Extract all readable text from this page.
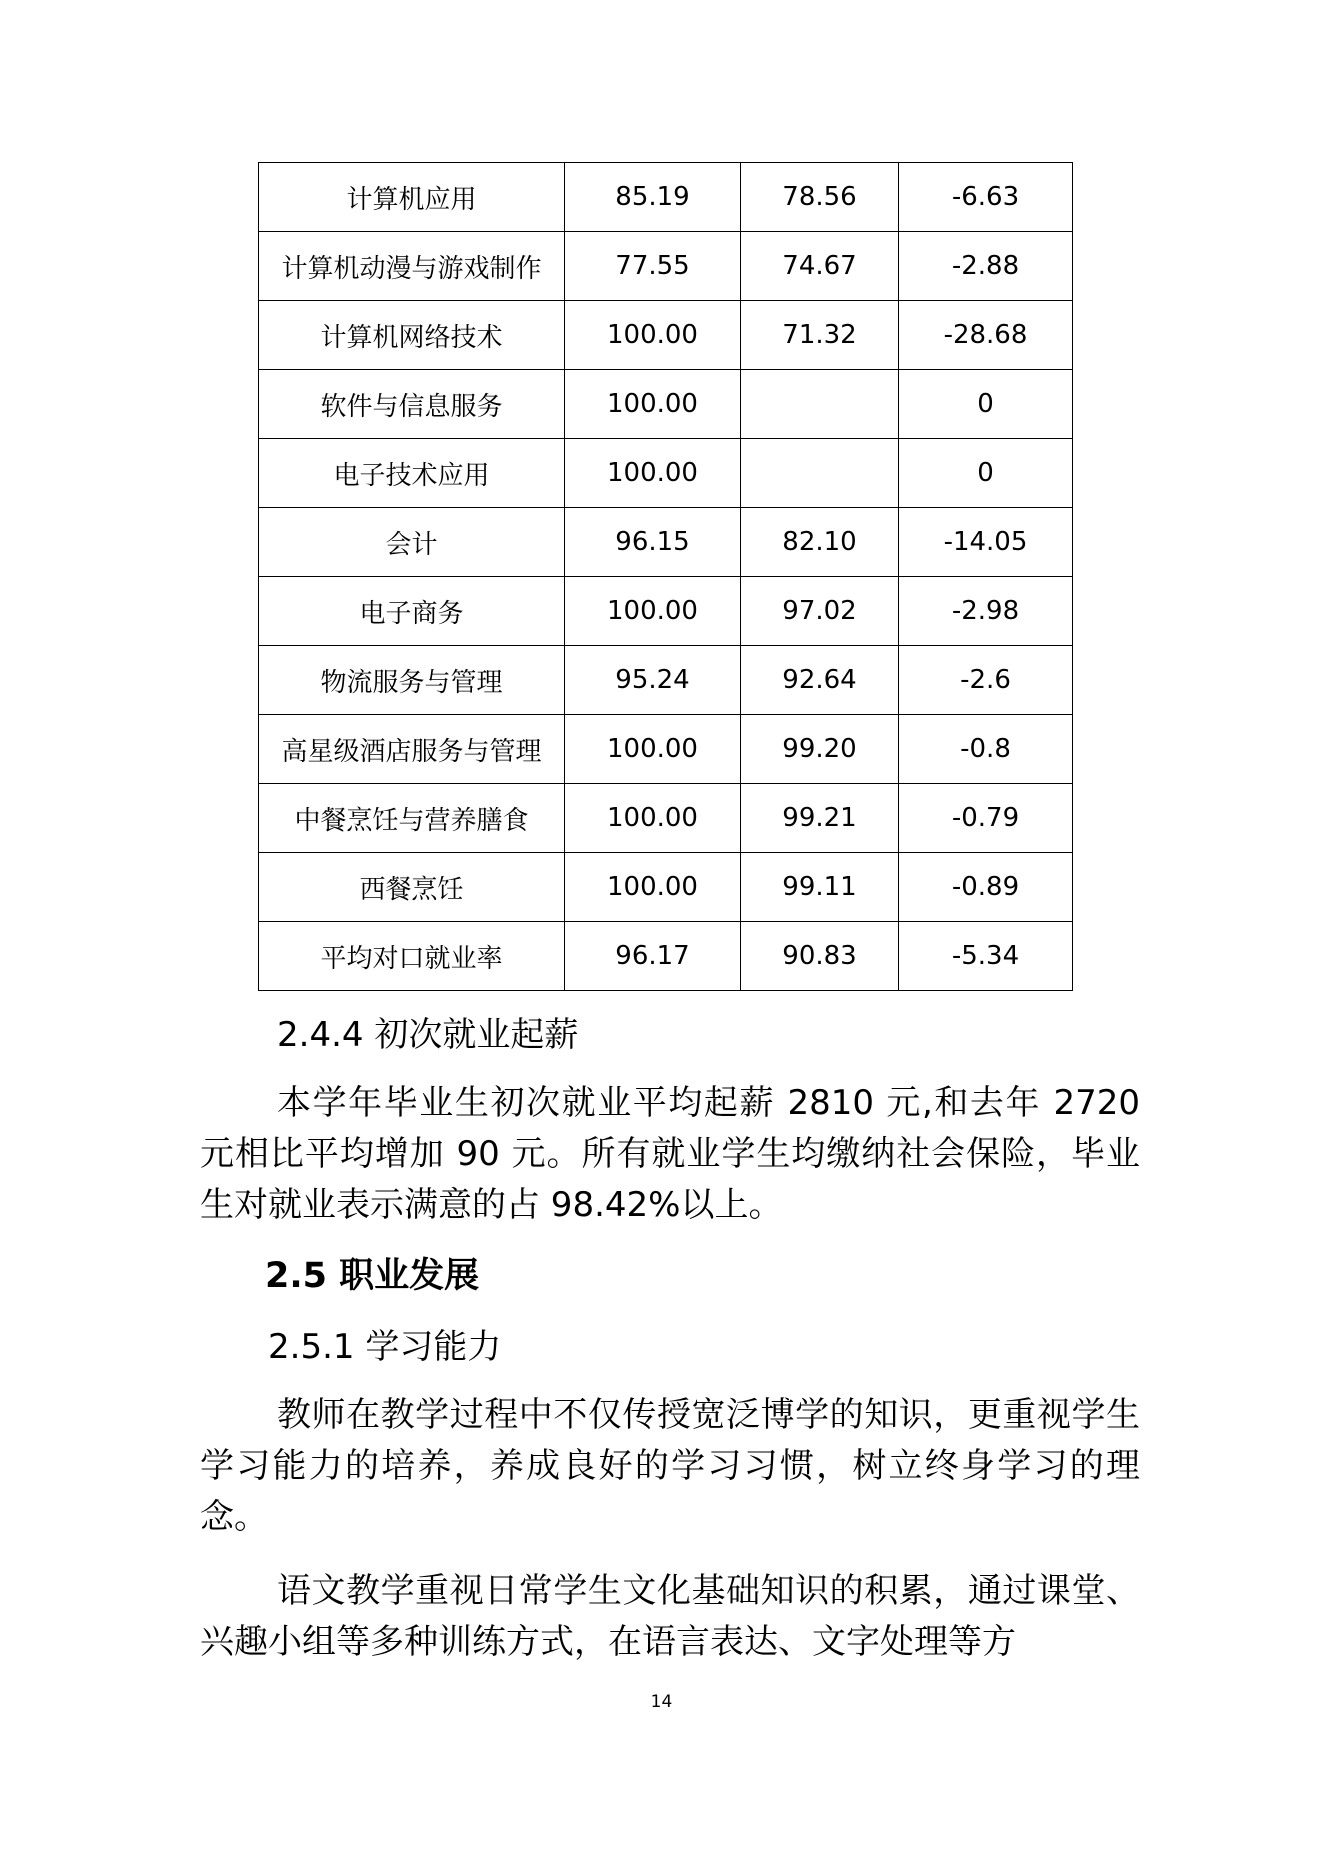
计算机应用	85.19	78.56	-6.63
计算机动漫与游戏制作	77.55	74.67	-2.88
计算机网络技术	100.00	71.32	-28.68
软件与信息服务	100.00		0
电子技术应用	100.00		0
会计	96.15	82.10	-14.05
电子商务	100.00	97.02	-2.98
物流服务与管理	95.24	92.64	-2.6
高星级酒店服务与管理	100.00	99.20	-0.8
中餐烹饪与营养膳食	100.00	99.21	-0.79
西餐烹饪	100.00	99.11	-0.89
平均对口就业率	96.17	90.83	-5.34
2.4.4 初次就业起薪

本学年毕业生初次就业平均起薪 2810 元,和去年 2720 元相比平均增加 90 元。所有就业学生均缴纳社会保险，毕业生对就业表示满意的占 98.42%以上。

2.5 职业发展
2.5.1 学习能力

教师在教学过程中不仅传授宽泛博学的知识，更重视学生学习能力的培养，养成良好的学习习惯，树立终身学习的理念。

语文教学重视日常学生文化基础知识的积累，通过课堂、兴趣小组等多种训练方式，在语言表达、文字处理等方

14
